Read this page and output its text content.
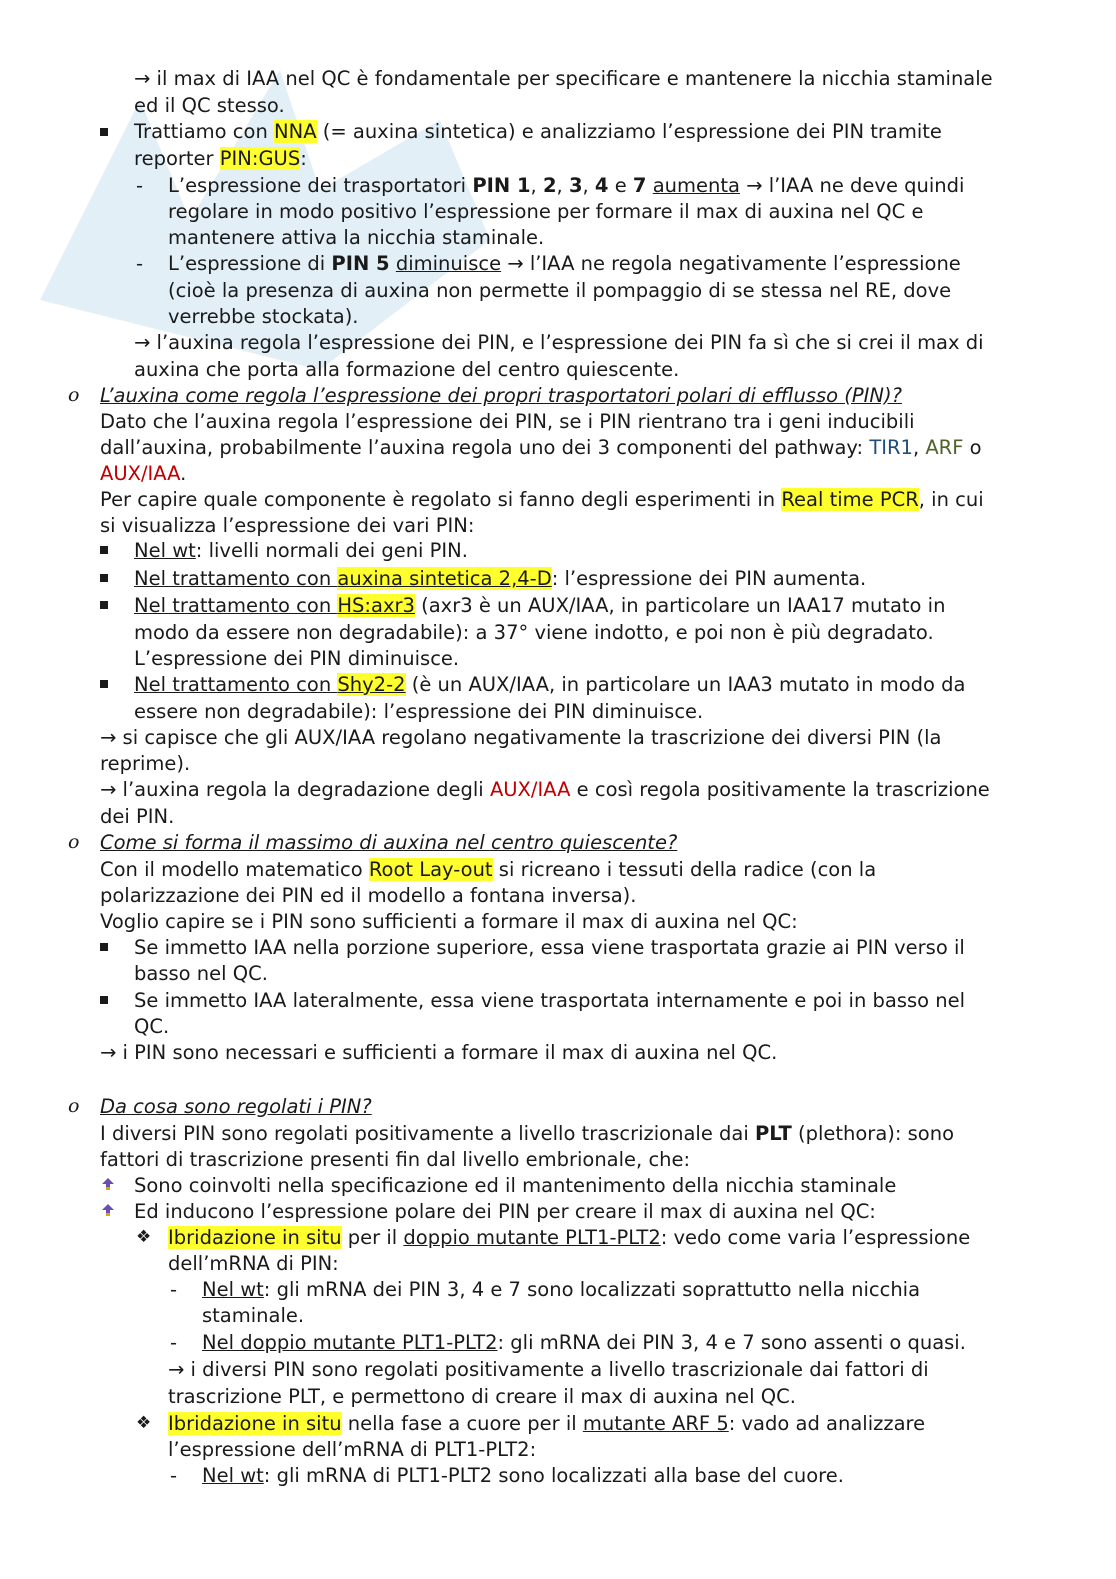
→ il max di IAA nel QC è fondamentale per specificare e mantenere la nicchia staminale
ed il QC stesso.
Trattiamo con NNA (= auxina sintetica) e analizziamo l’espressione dei PIN tramite
reporter PIN:GUS:
- L’espressione dei trasportatori PIN 1, 2, 3, 4 e 7 aumenta → l’IAA ne deve quindi
regolare in modo positivo l’espressione per formare il max di auxina nel QC e
mantenere attiva la nicchia staminale.
- L’espressione di PIN 5 diminuisce → l’IAA ne regola negativamente l’espressione
(cioè la presenza di auxina non permette il pompaggio di se stessa nel RE, dove
verrebbe stockata).
→ l’auxina regola l’espressione dei PIN, e l’espressione dei PIN fa sì che si crei il max di
auxina che porta alla formazione del centro quiescente.
o L’auxina come regola l’espressione dei propri trasportatori polari di efflusso (PIN)?
Dato che l’auxina regola l’espressione dei PIN, se i PIN rientrano tra i geni inducibili
dall’auxina, probabilmente l’auxina regola uno dei 3 componenti del pathway: TIR1, ARF o
AUX/IAA.
Per capire quale componente è regolato si fanno degli esperimenti in Real time PCR, in cui
si visualizza l’espressione dei vari PIN:
Nel wt: livelli normali dei geni PIN.
Nel trattamento con auxina sintetica 2,4-D: l’espressione dei PIN aumenta.
Nel trattamento con HS:axr3 (axr3 è un AUX/IAA, in particolare un IAA17 mutato in
modo da essere non degradabile): a 37° viene indotto, e poi non è più degradato.
L’espressione dei PIN diminuisce.
Nel trattamento con Shy2-2 (è un AUX/IAA, in particolare un IAA3 mutato in modo da
essere non degradabile): l’espressione dei PIN diminuisce.
→ si capisce che gli AUX/IAA regolano negativamente la trascrizione dei diversi PIN (la
reprime).
→ l’auxina regola la degradazione degli AUX/IAA e così regola positivamente la trascrizione
dei PIN.
o Come si forma il massimo di auxina nel centro quiescente?
Con il modello matematico Root Lay-out si ricreano i tessuti della radice (con la
polarizzazione dei PIN ed il modello a fontana inversa).
Voglio capire se i PIN sono sufficienti a formare il max di auxina nel QC:
Se immetto IAA nella porzione superiore, essa viene trasportata grazie ai PIN verso il
basso nel QC.
Se immetto IAA lateralmente, essa viene trasportata internamente e poi in basso nel
QC.
→ i PIN sono necessari e sufficienti a formare il max di auxina nel QC.
o Da cosa sono regolati i PIN?
I diversi PIN sono regolati positivamente a livello trascrizionale dai PLT (plethora): sono
fattori di trascrizione presenti fin dal livello embrionale, che:
Sono coinvolti nella specificazione ed il mantenimento della nicchia staminale
Ed inducono l’espressione polare dei PIN per creare il max di auxina nel QC:
❖ Ibridazione in situ per il doppio mutante PLT1-PLT2: vedo come varia l’espressione
dell’mRNA di PIN:
- Nel wt: gli mRNA dei PIN 3, 4 e 7 sono localizzati soprattutto nella nicchia
staminale.
- Nel doppio mutante PLT1-PLT2: gli mRNA dei PIN 3, 4 e 7 sono assenti o quasi.
→ i diversi PIN sono regolati positivamente a livello trascrizionale dai fattori di
trascrizione PLT, e permettono di creare il max di auxina nel QC.
❖ Ibridazione in situ nella fase a cuore per il mutante ARF 5: vado ad analizzare
l’espressione dell’mRNA di PLT1-PLT2:
- Nel wt: gli mRNA di PLT1-PLT2 sono localizzati alla base del cuore.
